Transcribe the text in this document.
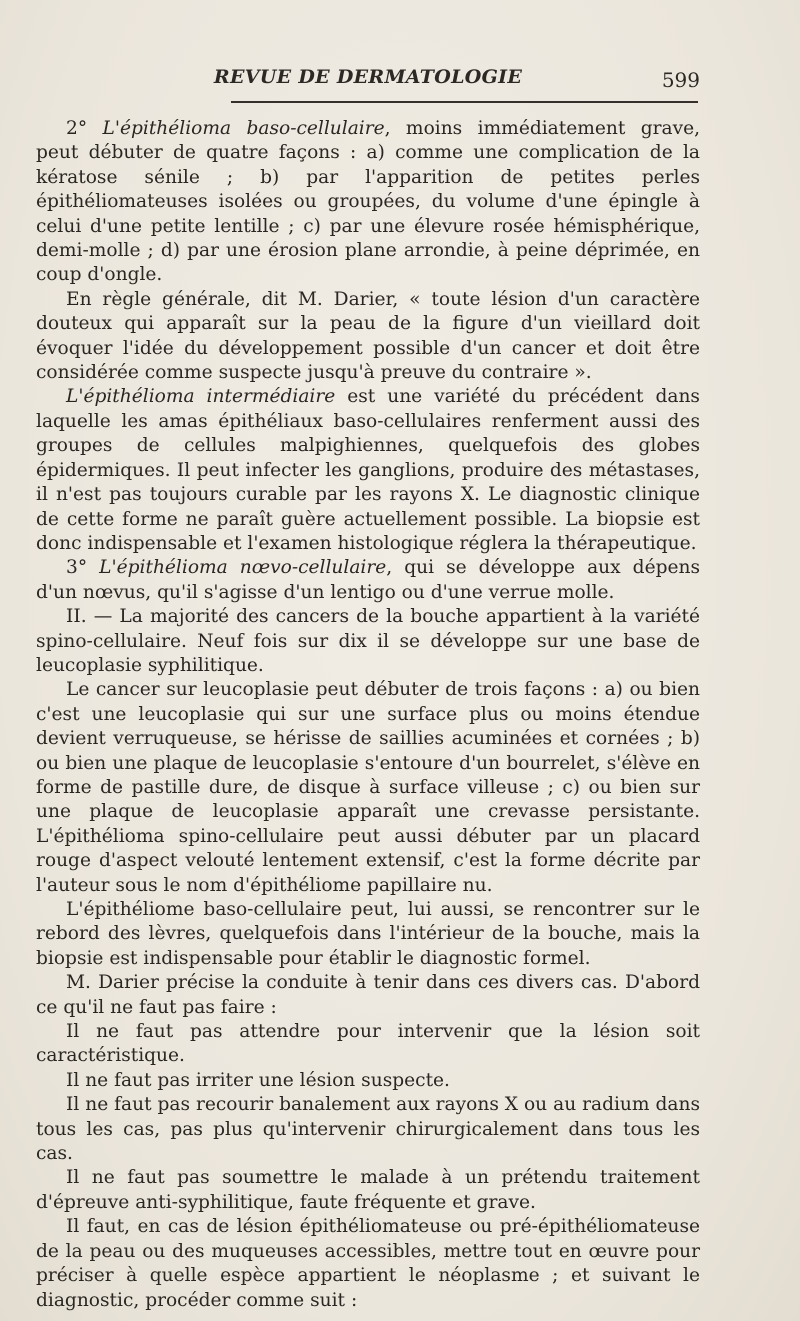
REVUE DE DERMATOLOGIE	599

2° L'épithélioma baso-cellulaire, moins immédiatement grave, peut débuter de quatre façons : a) comme une complication de la kératose sénile ; b) par l'apparition de petites perles épithéliomateuses isolées ou groupées, du volume d'une épingle à celui d'une petite lentille ; c) par une élevure rosée hémisphérique, demi-molle ; d) par une érosion plane arrondie, à peine déprimée, en coup d'ongle.

En règle générale, dit M. Darier, « toute lésion d'un caractère douteux qui apparaît sur la peau de la figure d'un vieillard doit évoquer l'idée du développement possible d'un cancer et doit être considérée comme suspecte jusqu'à preuve du contraire ».

L'épithélioma intermédiaire est une variété du précédent dans laquelle les amas épithéliaux baso-cellulaires renferment aussi des groupes de cellules malpighiennes, quelquefois des globes épidermiques. Il peut infecter les ganglions, produire des métastases, il n'est pas toujours curable par les rayons X. Le diagnostic clinique de cette forme ne paraît guère actuellement possible. La biopsie est donc indispensable et l'examen histologique réglera la thérapeutique.

3° L'épithélioma nœvo-cellulaire, qui se développe aux dépens d'un nœvus, qu'il s'agisse d'un lentigo ou d'une verrue molle.

II. — La majorité des cancers de la bouche appartient à la variété spino-cellulaire. Neuf fois sur dix il se développe sur une base de leucoplasie syphilitique.

Le cancer sur leucoplasie peut débuter de trois façons : a) ou bien c'est une leucoplasie qui sur une surface plus ou moins étendue devient verruqueuse, se hérisse de saillies acuminées et cornées ; b) ou bien une plaque de leucoplasie s'entoure d'un bourrelet, s'élève en forme de pastille dure, de disque à surface villeuse ; c) ou bien sur une plaque de leucoplasie apparaît une crevasse persistante. L'épithélioma spino-cellulaire peut aussi débuter par un placard rouge d'aspect velouté lentement extensif, c'est la forme décrite par l'auteur sous le nom d'épithéliome papillaire nu.

L'épithéliome baso-cellulaire peut, lui aussi, se rencontrer sur le rebord des lèvres, quelquefois dans l'intérieur de la bouche, mais la biopsie est indispensable pour établir le diagnostic formel.

M. Darier précise la conduite à tenir dans ces divers cas. D'abord ce qu'il ne faut pas faire :

Il ne faut pas attendre pour intervenir que la lésion soit caractéristique.

Il ne faut pas irriter une lésion suspecte.

Il ne faut pas recourir banalement aux rayons X ou au radium dans tous les cas, pas plus qu'intervenir chirurgicalement dans tous les cas.

Il ne faut pas soumettre le malade à un prétendu traitement d'épreuve anti-syphilitique, faute fréquente et grave.

Il faut, en cas de lésion épithéliomateuse ou pré-épithéliomateuse de la peau ou des muqueuses accessibles, mettre tout en œuvre pour préciser à quelle espèce appartient le néoplasme ; et suivant le diagnostic, procéder comme suit :
